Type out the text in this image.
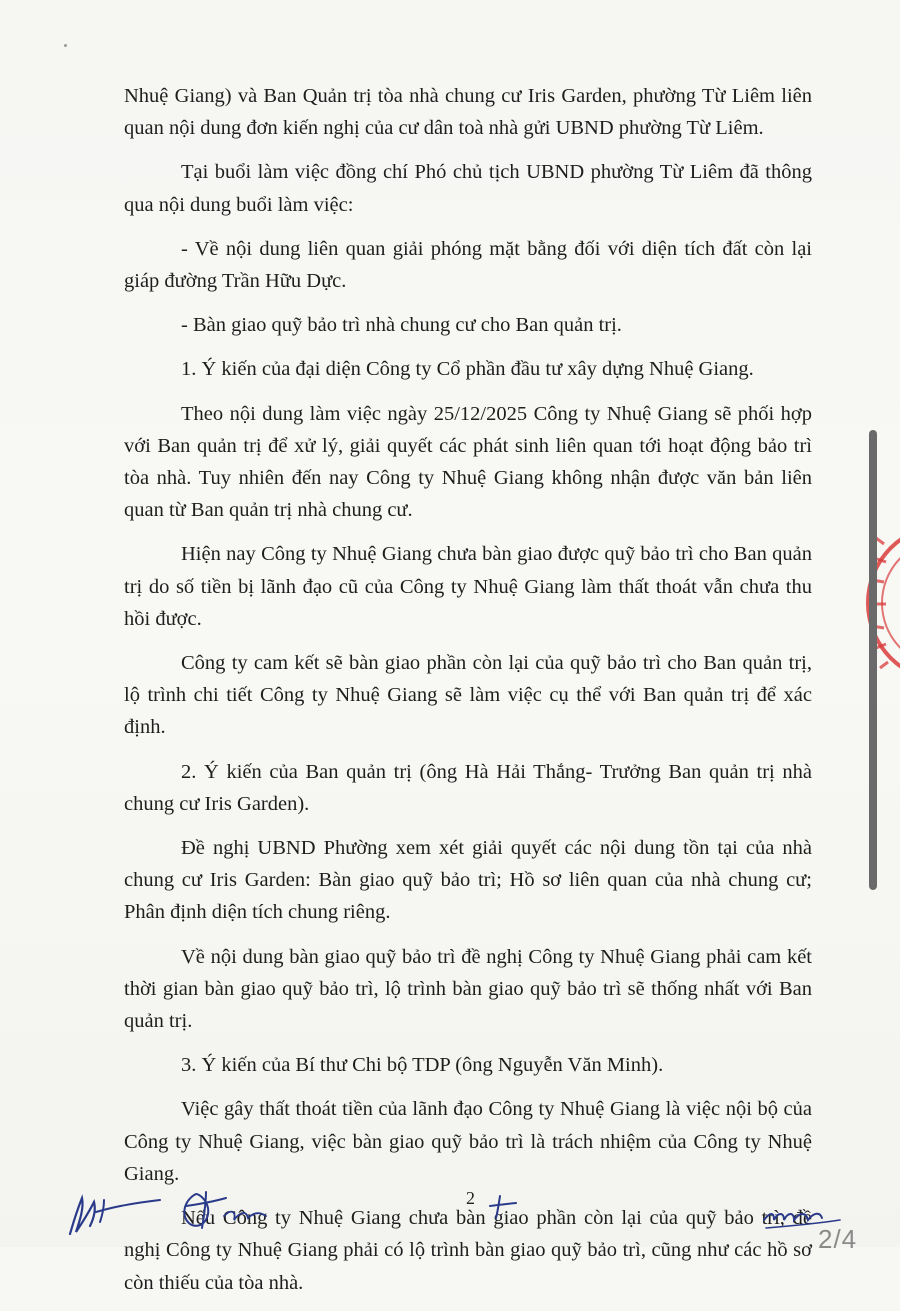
Nhuệ Giang) và Ban Quản trị tòa nhà chung cư Iris Garden, phường Từ Liêm liên quan nội dung đơn kiến nghị của cư dân toà nhà gửi UBND phường Từ Liêm.

Tại buổi làm việc đồng chí Phó chủ tịch UBND phường Từ Liêm đã thông qua nội dung buổi làm việc:

- Về nội dung liên quan giải phóng mặt bằng đối với diện tích đất còn lại giáp đường Trần Hữu Dực.

- Bàn giao quỹ bảo trì nhà chung cư cho Ban quản trị.

1. Ý kiến của đại diện Công ty Cổ phần đầu tư xây dựng Nhuệ Giang.

Theo nội dung làm việc ngày 25/12/2025 Công ty Nhuệ Giang sẽ phối hợp với Ban quản trị để xử lý, giải quyết các phát sinh liên quan tới hoạt động bảo trì tòa nhà. Tuy nhiên đến nay Công ty Nhuệ Giang không nhận được văn bản liên quan từ Ban quản trị nhà chung cư.

Hiện nay Công ty Nhuệ Giang chưa bàn giao được quỹ bảo trì cho Ban quản trị do số tiền bị lãnh đạo cũ của Công ty Nhuệ Giang làm thất thoát vẫn chưa thu hồi được.

Công ty cam kết sẽ bàn giao phần còn lại của quỹ bảo trì cho Ban quản trị, lộ trình chi tiết Công ty Nhuệ Giang sẽ làm việc cụ thể với Ban quản trị để xác định.

2. Ý kiến của Ban quản trị (ông Hà Hải Thắng- Trưởng Ban quản trị nhà chung cư Iris Garden).

Đề nghị UBND Phường xem xét giải quyết các nội dung tồn tại của nhà chung cư Iris Garden: Bàn giao quỹ bảo trì; Hồ sơ liên quan của nhà chung cư; Phân định diện tích chung riêng.

Về nội dung bàn giao quỹ bảo trì đề nghị Công ty Nhuệ Giang phải cam kết thời gian bàn giao quỹ bảo trì, lộ trình bàn giao quỹ bảo trì sẽ thống nhất với Ban quản trị.

3. Ý kiến của Bí thư Chi bộ TDP (ông Nguyễn Văn Minh).

Việc gây thất thoát tiền của lãnh đạo Công ty Nhuệ Giang là việc nội bộ của Công ty Nhuệ Giang, việc bàn giao quỹ bảo trì là trách nhiệm của Công ty Nhuệ Giang.

Nếu Công ty Nhuệ Giang chưa bàn giao phần còn lại của quỹ bảo trì, đề nghị Công ty Nhuệ Giang phải có lộ trình bàn giao quỹ bảo trì, cũng như các hồ sơ còn thiếu của tòa nhà.

2
2/4
